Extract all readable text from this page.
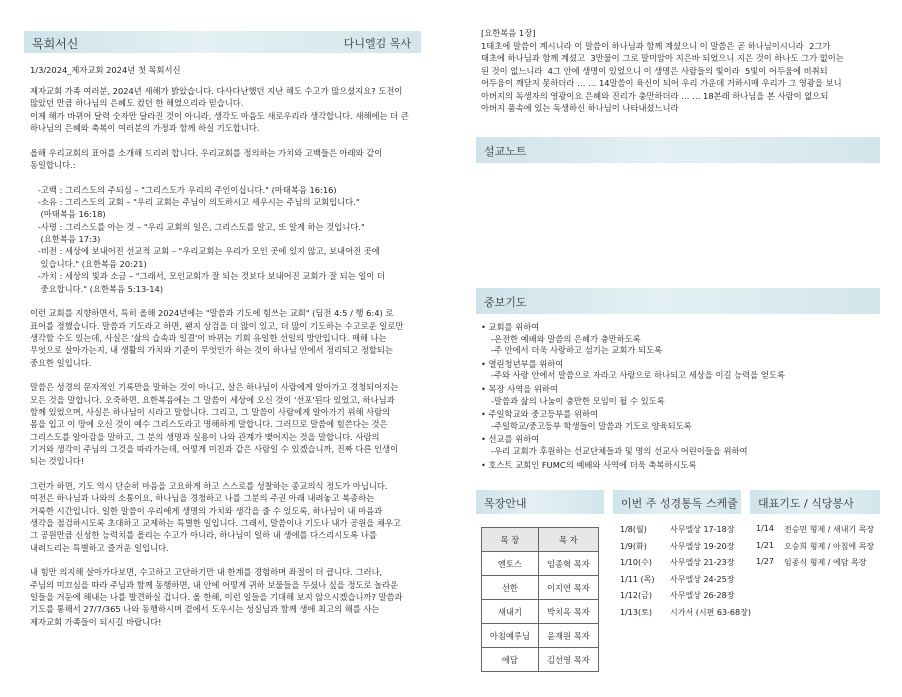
목회서신	다니엘김 목사
1/3/2024_제자교회 2024년 첫 목회서신
제자교회 가족 여러분, 2024년 새해가 밝았습니다. 다사다난했던 지난 해도 수고가 많으셨지요? 도전이
많았던 만큼 하나님의 은혜도 컸던 한 해였으리라 믿습니다.
이제 해가 바뀌어 달력 숫자만 달라진 것이 아니라, 생각도 마음도 새로우리라 생각합니다. 새해에는 더 큰
하나님의 은혜와 축복이 여러분의 가정과 함께 하실 기도합니다.
올해 우리교회의 표어를 소개해 드리려 합니다. 우리교회를 정의하는 가치와 고백들은 아래와 같이
동일합니다.:
-고백 : 그리스도의 주되심 – "그리스도가 우리의 주인이십니다." (마태복음 16:16)
-소유 : 그리스도의 교회 – "우리 교회는 주님이 의도하시고 세우시는 주님의 교회입니다."
(마태복음 16:18)
-사명 : 그리스도를 아는 것 – "우리 교회의 일은, 그리스도를 알고, 또 알게 하는 것입니다."
(요한복음 17:3)
-비전 : 세상에 보내어진 선교적 교회 – "우리교회는 우리가 모인 곳에 있지 않고, 보내어진 곳에
있습니다." (요한복음 20:21)
-가치 : 세상의 빛과 소금 – "그래서, 모인교회가 잘 되는 것보다 보내어진 교회가 잘 되는 일이 더
중요합니다." (요한복음 5:13-14)
이런 교회를 지향하면서, 특히 올해 2024년에는 "말씀과 기도에 힘쓰는 교회" (딤전 4:5 / 행 6:4) 로
표어를 정했습니다. 말씀과 기도라고 하면, 왠지 상검을 더 많이 있고, 더 많이 기도하는 수고로운 일로만
생각할 수도 있는데, 사실은 '삶의 습속과 일결'이 바뀌는 기회 유일한 선일의 방안입니다. 매해 나는
무엇으로 살아가는지, 내 생활의 가치와 기준이 무엇인가 하는 것이 하나님 안에서 정리되고 정할되는
중요한 일입니다.
말씀은 성경의 문자적인 기록만을 말하는 것이 아니고, 살은 하나님이 사람에게 알아가고 경청되어지는
모든 것을 말합니다. 오죽하면, 요한복음에는 그 말씀이 세상에 오신 것이 '선포'된다 있었고, 하나님과
함께 있었으며, 사실은 하나님이 시라고 말합니다. 그리고, 그 말씀이 사람에게 알아가기 위해 사람의
몸을 입고 이 땅에 오신 것이 예수 그리스도라고 명해하게 말합니다. 그러므로 말씀에 힘쓴다는 것은
그리스도를 알아감을 말하고, 그 분의 생명과 실용이 나와 관계가 맺어지는 것을 말합니다. 사람의
기거와 생각이 주님의 그것을 따라가는데, 어떻게 미친과 같은 사람일 수 있겠습니까, 진짜 다른 인생이
되는 것입니다!
그런가 하면, 기도 역시 단순히 마음을 고요하게 하고 스스로를 성찰하는 종교의식 정도가 아닙니다.
여전은 하나님과 나와의 소통이요, 하나님을 경청하고 나를 그분의 주권 아래 내려놓고 복종하는
거룩한 시간입니다. 일한 말씀이 우리에게 생명의 가치와 생각을 줄 수 있도록, 하나님이 내 마음과
생각을 점검하시도록 초대하고 교제하는 특별한 일입니다. 그래서, 말씀이나 기도나 내가 공원을 채우고
그 공원만큼 신성한 능력치를 올리는 수고가 아니라, 하나님이 일하 내 생애를 다스리시도록 나를
내려드리는 특별하고 즐거운 일입니다.
내 힘만 의지해 살아가다보면, 수고하고 고단하기만 내 한계를 경험하며 좌절이 더 큽니다. 그러나,
주님의 미끄심을 따라 주님과 함께 동행하면, 내 안에 어떻게 귀하 보물들을 두셨나 싶을 정도로 놀라운
일들을 거둔에 해내는 나를 발견하실 겁니다. 올 한해, 이런 일들을 기대해 보지 않으시겠습니까? 말씀과
기도를 통해서 27/7/365 나와 동행하시며 곁에서 도우시는 성실님과 함께 생애 최고의 해를 사는
제자교회 가족들이 되시길 바랍니다!
[요한복음 1장]
1태초에 말씀이 계시니라 이 말씀이 하나님과 함께 계셨으니 이 말씀은 곧 하나님이시니라  2그가
태초에 하나님과 함께 계셨고  3만물이 그로 말미암아 지은바 되었으니 지은 것이 하나도 그가 없이는
된 것이 없느니라  4그 안에 생명이 있었으니 이 생명은 사람들의 빛이라  5빛이 어두움에 비취되
어두움이 깨닫지 못하더라 … … 14말씀이 육신이 되어 우리 가운데 거하시매 우리가 그 영광을 보니
아버지의 독생자의 영광이요 은혜와 진리가 충만하더라 … … 18본래 하나님을 본 사람이 없으되
아버지 품속에 있는 독생하신 하나님이 나타내셨느니라
설교노트
중보기도
• 교회를 위하여
-온전한 예배와 말씀의 은혜가 충만하도록
-주 안에서 더욱 사랑하고 섬기는 교회가 되도록
• 열린청년부를 위하여
-주와 사랑 안에서 말씀으로 자라고 사랑으로 하나되고 세상을 이길 능력을 얻도록
• 목장 사역을 위하여
-말씀과 삶의 나눔이 충만한 모임이 될 수 있도록
• 주일학교와 중고등부를 위하여
-주일학교/중고등부 학생들이 말씀과 기도로 양육되도록
• 선교를 위하여
-우리 교회가 후원하는 선교단체들과 및 명의 선교사 어린이들을 위하여
• 호스트 교회인 FUMC의 예배와 사역에 더욱 축복하시도록
목장안내
목 장	목 자
엔토스	임종혁 목자
선한	이지연 목자
새내기	박치옥 목자
아침예루님	윤재원 목자
에담	김선영 목자
이번 주 성경통독 스케쥴
1/8(월)	사무엘상 17-18장
1/9(화)	사무엘상 19-20장
1/10(수) 사무엘상 21-23장
1/11 (목) 사무엘상 24-25장
1/12(금) 사무엘상 26-28장
1/13(토) 시가서 (시편 63-68장)
대표기도 / 식당봉사
1/14 전승민 형제 / 새내기 목장
1/21 오승희 형제 / 아침에 목장
1/27 임종식 형제 / 에담 목장
